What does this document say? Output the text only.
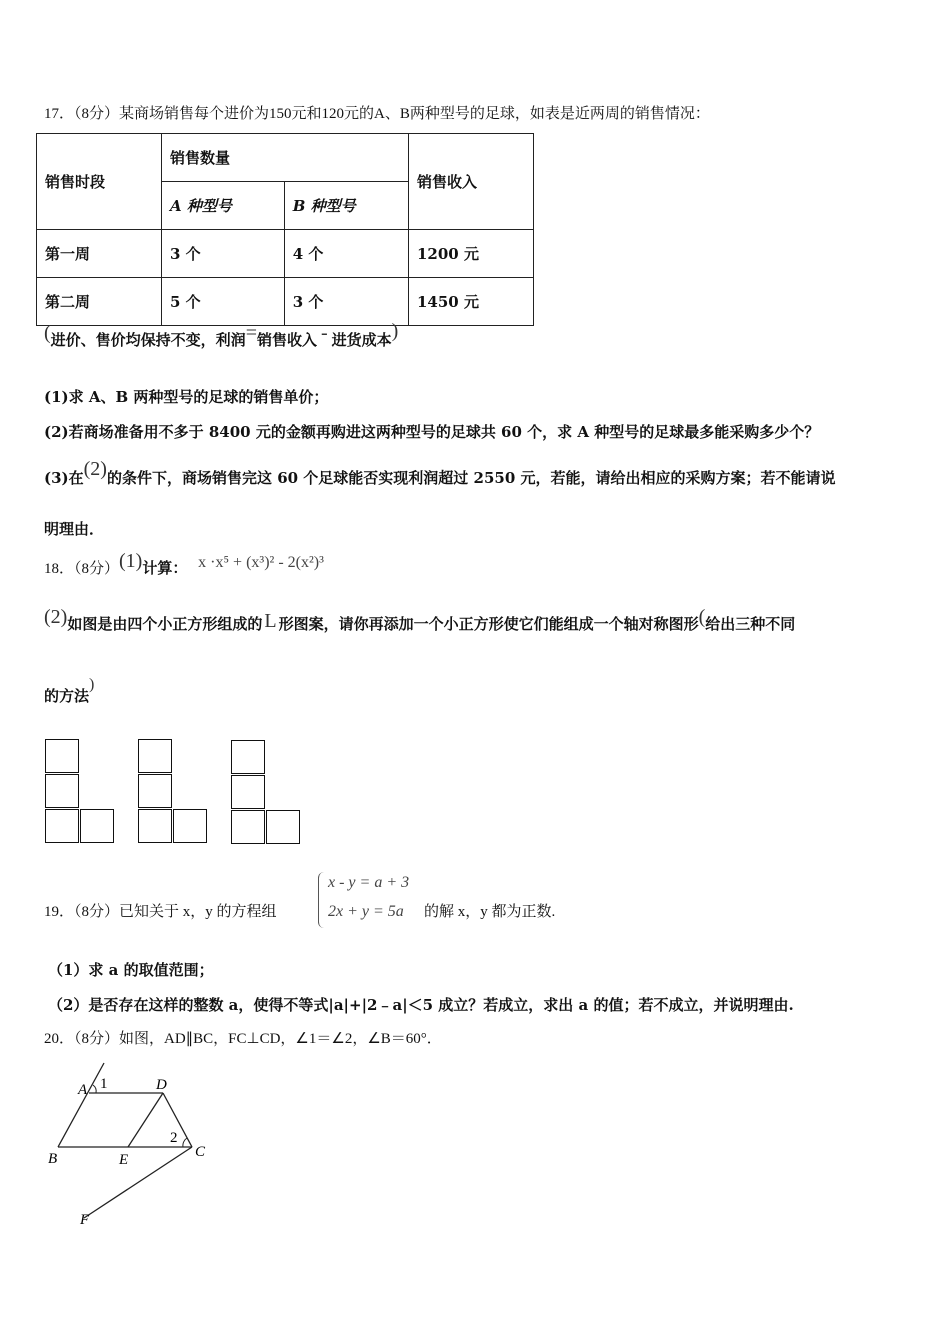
17．（8分）某商场销售每个进价为150元和120元的A、B两种型号的足球，如表是近两周的销售情况：
销售时段	销售数量		销售收入
	A 种型号	B 种型号	
第一周	3 个	4 个	1200 元
第二周	5 个	3 个	1450 元
(进价、售价均保持不变，利润=销售收入 - 进货成本)
(1)求 A、B 两种型号的足球的销售单价；
(2)若商场准备用不多于 8400 元的金额再购进这两种型号的足球共 60 个，求 A 种型号的足球最多能采购多少个？
(3)在(2)的条件下，商场销售完这 60 个足球能否实现利润超过 2550 元，若能，请给出相应的采购方案；若不能请说
明理由．
18．（8分）(1)计算： x ·x⁵ + (x³)² - 2(x²)³
(2)如图是由四个小正方形组成的 L 形图案，请你再添加一个小正方形使它们能组成一个轴对称图形(给出三种不同
的方法)
19．（8分）已知关于 x，y 的方程组
x - y = a + 3
2x + y = 5a 的解 x，y 都为正数.
（1）求 a 的取值范围；
（2）是否存在这样的整数 a，使得不等式|a|+|2﹣a|＜5 成立？若成立，求出 a 的值；若不成立，并说明理由.
20．（8分）如图，AD∥BC，FC⊥CD，∠1＝∠2，∠B＝60°．
A 1	D
2
B	E	C
F
